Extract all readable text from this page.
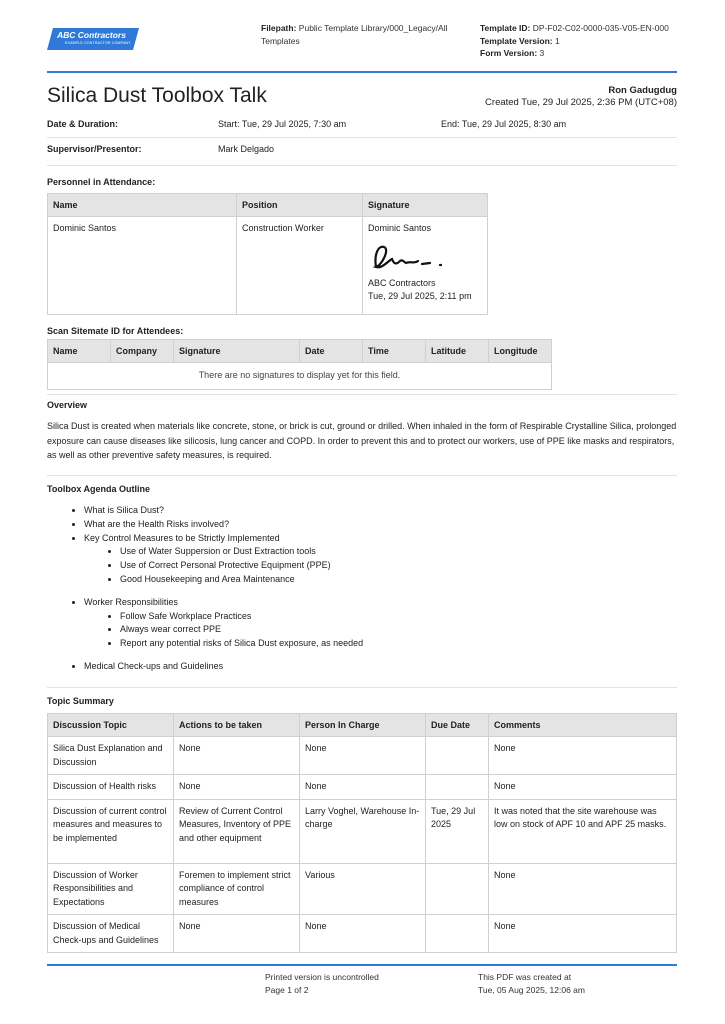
ABC Contractors
EXAMPLE CONTRACTOR COMPANY
Filepath: Public Template Library/000_Legacy/All Templates
Template ID: DP-F02-C02-0000-035-V05-EN-000
Template Version: 1
Form Version: 3
Silica Dust Toolbox Talk	Ron Gadugdug
Created Tue, 29 Jul 2025, 2:36 PM (UTC+08)
Date & Duration:	Start: Tue, 29 Jul 2025, 7:30 am	End: Tue, 29 Jul 2025, 8:30 am
Supervisor/Presentor:	Mark Delgado
Personnel in Attendance:
Name	Position	Signature
Dominic Santos	Construction Worker	Dominic Santos
ABC Contractors
Tue, 29 Jul 2025, 2:11 pm
Scan Sitemate ID for Attendees:
Name	Company	Signature	Date	Time	Latitude	Longitude
There are no signatures to display yet for this field.
Overview
Silica Dust is created when materials like concrete, stone, or brick is cut, ground or drilled. When inhaled in the form of Respirable Crystalline Silica, prolonged exposure can cause diseases like silicosis, lung cancer and COPD. In order to prevent this and to protect our workers, use of PPE like masks and respirators, as well as other preventive safety measures, is required.
Toolbox Agenda Outline
• What is Silica Dust?
• What are the Health Risks involved?
• Key Control Measures to be Strictly Implemented
• Use of Water Suppersion or Dust Extraction tools
• Use of Correct Personal Protective Equipment (PPE)
• Good Housekeeping and Area Maintenance
• Worker Responsibilities
• Follow Safe Workplace Practices
• Always wear correct PPE
• Report any potential risks of Silica Dust exposure, as needed
• Medical Check-ups and Guidelines
Topic Summary
Discussion Topic	Actions to be taken	Person In Charge	Due Date	Comments
Silica Dust Explanation and Discussion	None	None		None
Discussion of Health risks	None	None		None
Discussion of current control measures and measures to be implemented	Review of Current Control Measures, Inventory of PPE and other equipment	Larry Voghel, Warehouse In-charge	Tue, 29 Jul 2025	It was noted that the site warehouse was low on stock of APF 10 and APF 25 masks.
Discussion of Worker Responsibilities and Expectations	Foremen to implement strict compliance of control measures	Various		None
Discussion of Medical Check-ups and Guidelines	None	None		None
Printed version is uncontrolled
Page 1 of 2
This PDF was created at
Tue, 05 Aug 2025, 12:06 am
